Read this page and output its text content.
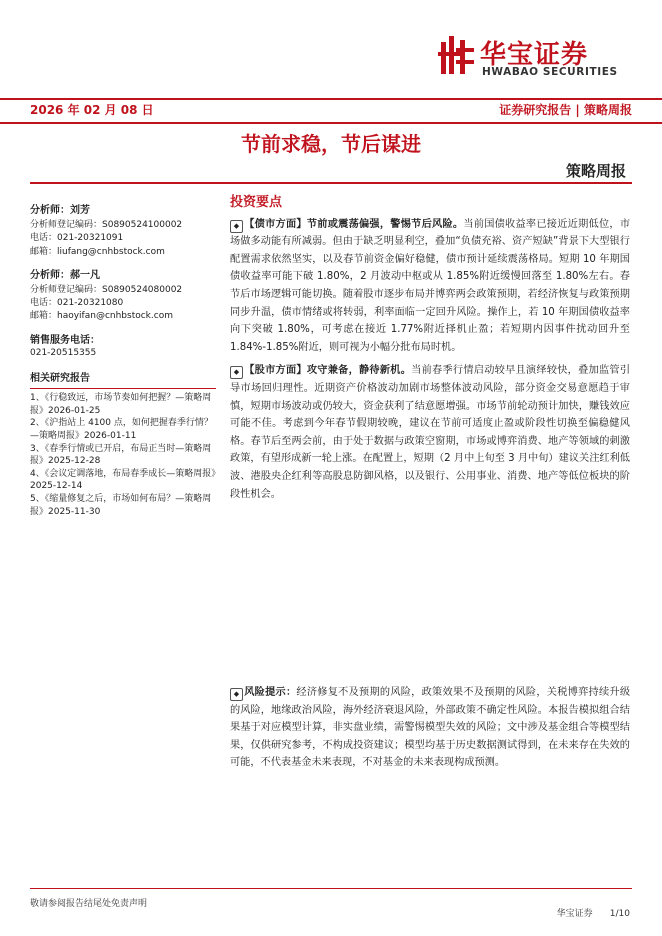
华宝证券
HWABAO SECURITIES
2026 年 02 月 08 日	证券研究报告 | 策略周报
节前求稳，节后谋进
策略周报
分析师：刘芳
分析师登记编码：S0890524100002
电话：021-20321091
邮箱：liufang@cnhbstock.com
分析师：郝一凡
分析师登记编码：S0890524080002
电话：021-20321080
邮箱：haoyifan@cnhbstock.com
销售服务电话：
021-20515355
相关研究报告
1、《行稳致远，市场节奏如何把握？—策略周报》2026-01-25
2、《沪指站上 4100 点，如何把握春季行情？—策略周报》2026-01-11
3、《春季行情或已开启，布局正当时—策略周报》2025-12-28
4、《会议定调落地，布局春季成长—策略周报》2025-12-14
5、《缩量修复之后，市场如何布局？—策略周报》2025-11-30
投资要点

◆ 【债市方面】节前或震荡偏强，警惕节后风险。当前国债收益率已接近近期低位，市场做多动能有所减弱。但由于缺乏明显利空，叠加“负债充裕、资产短缺”背景下大型银行配置需求依然坚实，以及春节前资金偏好稳健，债市预计延续震荡格局。短期 10 年期国债收益率可能下破 1.80%，2 月波动中枢或从 1.85%附近缓慢回落至 1.80%左右。春节后市场逻辑可能切换。随着股市逐步布局并博弈两会政策预期，若经济恢复与政策预期同步升温，债市情绪或将转弱，利率面临一定回升风险。操作上，若 10 年期国债收益率向下突破 1.80%，可考虑在接近 1.77%附近择机止盈；若短期内因事件扰动回升至 1.84%-1.85%附近，则可视为小幅分批布局时机。

◆ 【股市方面】攻守兼备，静待新机。当前春季行情启动较早且演绎较快，叠加监管引导市场回归理性。近期资产价格波动加剧市场整体波动风险，部分资金交易意愿趋于审慎，短期市场波动或仍较大，资金获利了结意愿增强。市场节前轮动预计加快，赚钱效应可能不佳。考虑到今年春节假期较晚，建议在节前可适度止盈或阶段性切换至偏稳健风格。春节后至两会前，由于处于数据与政策空窗期，市场或博弈消费、地产等领域的刺激政策，有望形成新一轮上涨。在配置上，短期（2 月中上旬至 3 月中旬）建议关注红利低波、港股央企红利等高股息防御风格，以及银行、公用事业、消费、地产等低位板块的阶段性机会。

◆ 风险提示：经济修复不及预期的风险，政策效果不及预期的风险，关税博弈持续升级的风险，地缘政治风险，海外经济衰退风险，外部政策不确定性风险。本报告模拟组合结果基于对应模型计算，非实盘业绩，需警惕模型失效的风险；文中涉及基金组合等模型结果，仅供研究参考，不构成投资建议；模型均基于历史数据测试得到，在未来存在失效的可能，不代表基金未来表现，不对基金的未来表现构成预测。
敬请参阅报告结尾处免责声明
华宝证券 1/10
